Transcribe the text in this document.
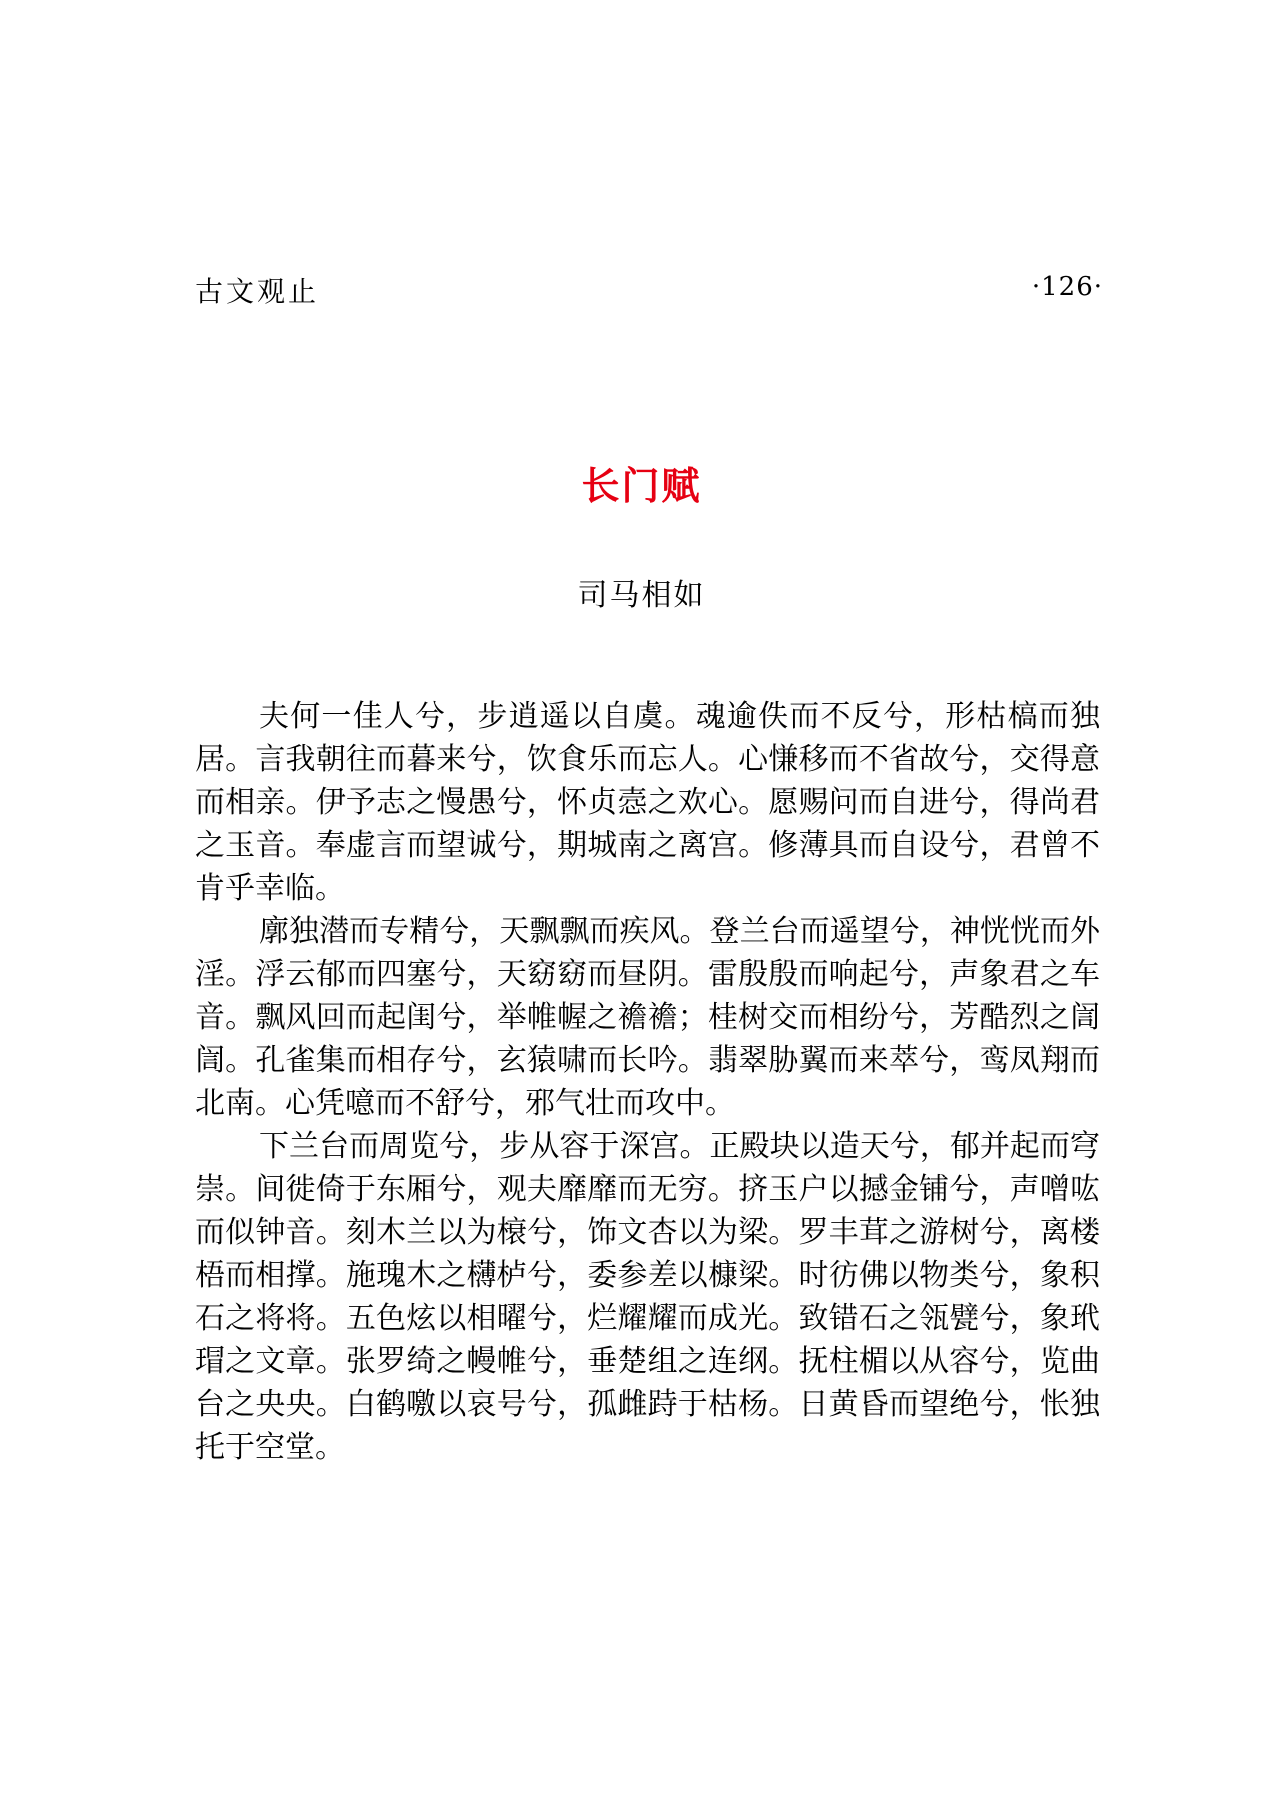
古文观止	·126·
长门赋
司马相如

夫何一佳人兮，步逍遥以自虞。魂逾佚而不反兮，形枯槁而独居。言我朝往而暮来兮，饮食乐而忘人。心慊移而不省故兮，交得意而相亲。伊予志之慢愚兮，怀贞悫之欢心。愿赐问而自进兮，得尚君之玉音。奉虚言而望诚兮，期城南之离宫。修薄具而自设兮，君曾不肯乎幸临。

廓独潜而专精兮，天飘飘而疾风。登兰台而遥望兮，神恍恍而外淫。浮云郁而四塞兮，天窈窈而昼阴。雷殷殷而响起兮，声象君之车音。飘风回而起闺兮，举帷幄之襜襜；桂树交而相纷兮，芳酷烈之訚訚。孔雀集而相存兮，玄猿啸而长吟。翡翠胁翼而来萃兮，鸾凤翔而北南。心凭噫而不舒兮，邪气壮而攻中。

下兰台而周览兮，步从容于深宫。正殿块以造天兮，郁并起而穹崇。间徙倚于东厢兮，观夫靡靡而无穷。挤玉户以撼金铺兮，声噌吰而似钟音。刻木兰以为榱兮，饰文杏以为梁。罗丰茸之游树兮，离楼梧而相撑。施瑰木之欂栌兮，委参差以槺梁。时彷佛以物类兮，象积石之将将。五色炫以相曜兮，烂耀耀而成光。致错石之瓴甓兮，象玳瑁之文章。张罗绮之幔帷兮，垂楚组之连纲。抚柱楣以从容兮，览曲台之央央。白鹤噭以哀号兮，孤雌跱于枯杨。日黄昏而望绝兮，怅独托于空堂。
